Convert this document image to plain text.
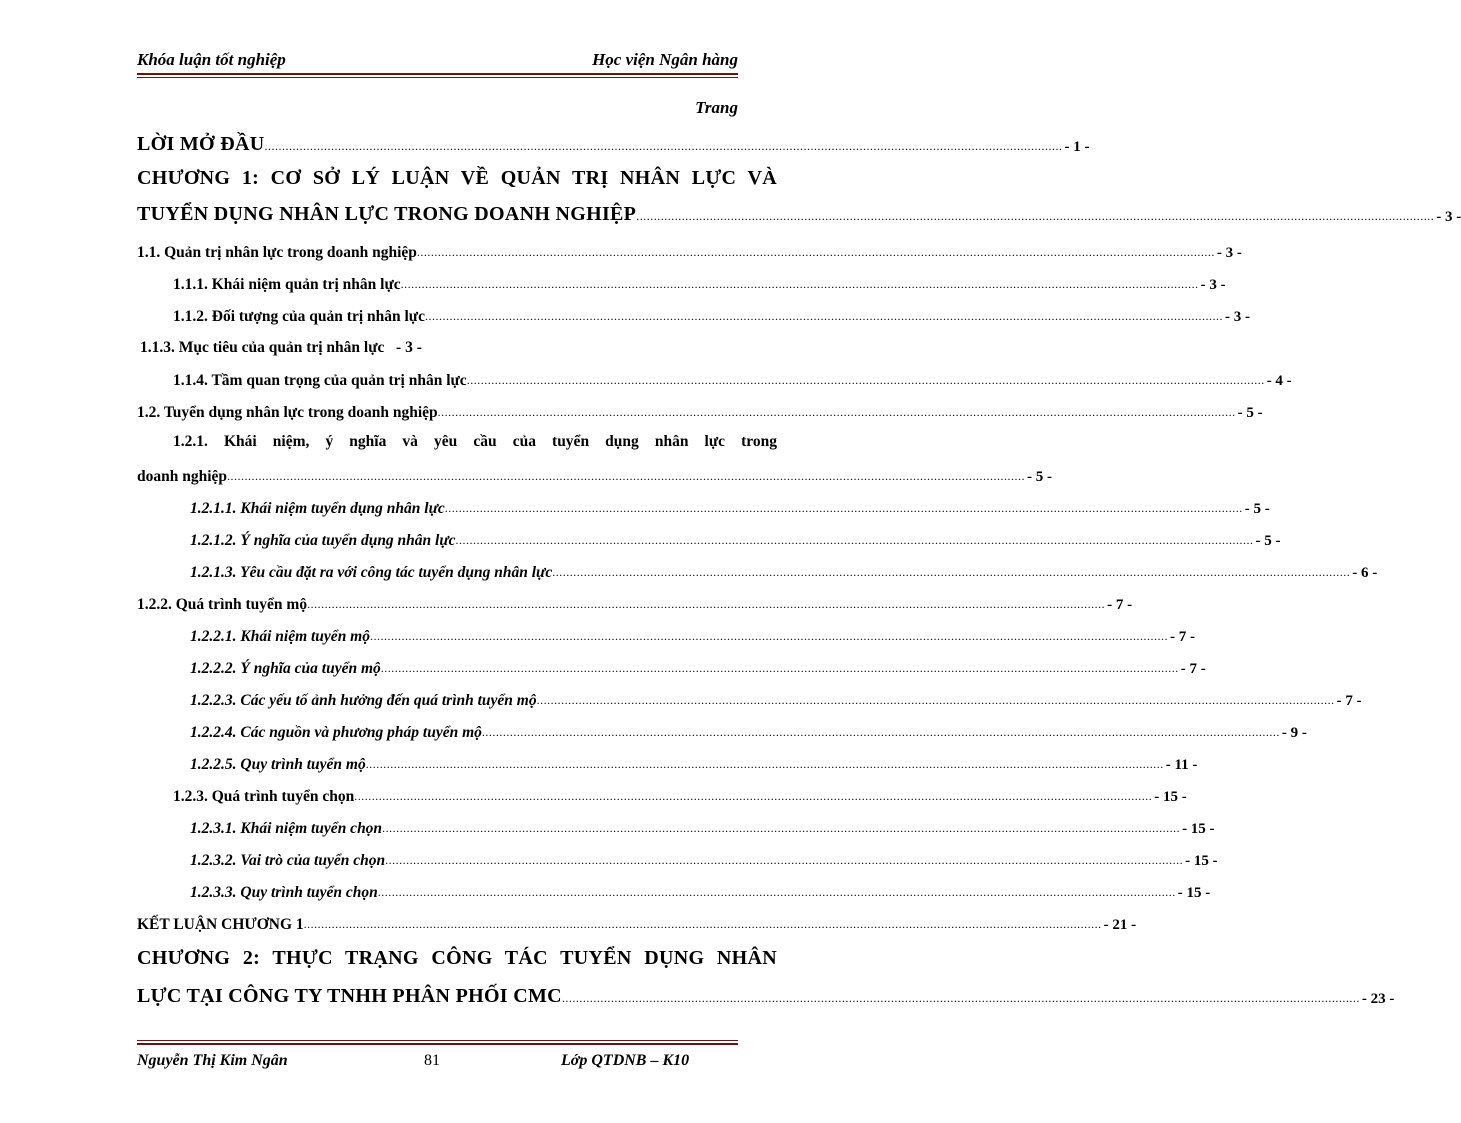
Khóa luận tốt nghiệp	Học viện Ngân hàng
Trang
LỜI MỞ ĐẦU .................................................................................................................................................................................................................................... - 1 -
CHƯƠNG 1: CƠ SỞ LÝ LUẬN VỀ QUẢN TRỊ NHÂN LỰC VÀ
TUYỂN DỤNG NHÂN LỰC TRONG DOANH NGHIỆP .................................................................................................................................................................................................................................... - 3 -
1.1. Quản trị nhân lực trong doanh nghiệp .................................................................................................................................................................................................................................... - 3 -
1.1.1. Khái niệm quản trị nhân lực .................................................................................................................................................................................................................................... - 3 -
1.1.2. Đối tượng của quản trị nhân lực .................................................................................................................................................................................................................................... - 3 -
1.1.3. Mục tiêu của quản trị nhân lực   - 3 -
1.1.4. Tầm quan trọng của quản trị nhân lực .................................................................................................................................................................................................................................... - 4 -
1.2. Tuyển dụng nhân lực trong doanh nghiệp .................................................................................................................................................................................................................................... - 5 -
1.2.1. Khái niệm, ý nghĩa và yêu cầu của tuyển dụng nhân lực trong
doanh nghiệp .................................................................................................................................................................................................................................... - 5 -
1.2.1.1. Khái niệm tuyển dụng nhân lực .................................................................................................................................................................................................................................... - 5 -
1.2.1.2. Ý nghĩa của tuyển dụng nhân lực .................................................................................................................................................................................................................................... - 5 -
1.2.1.3. Yêu cầu đặt ra với công tác tuyển dụng nhân lực .................................................................................................................................................................................................................................... - 6 -
1.2.2. Quá trình tuyển mộ .................................................................................................................................................................................................................................... - 7 -
1.2.2.1. Khái niệm tuyển mộ .................................................................................................................................................................................................................................... - 7 -
1.2.2.2. Ý nghĩa của tuyển mộ .................................................................................................................................................................................................................................... - 7 -
1.2.2.3. Các yếu tố ảnh hưởng đến quá trình tuyển mộ .................................................................................................................................................................................................................................... - 7 -
1.2.2.4. Các nguồn và phương pháp tuyển mộ .................................................................................................................................................................................................................................... - 9 -
1.2.2.5. Quy trình tuyển mộ .................................................................................................................................................................................................................................... - 11 -
1.2.3. Quá trình tuyển chọn .................................................................................................................................................................................................................................... - 15 -
1.2.3.1. Khái niệm tuyển chọn .................................................................................................................................................................................................................................... - 15 -
1.2.3.2. Vai trò của tuyển chọn .................................................................................................................................................................................................................................... - 15 -
1.2.3.3. Quy trình tuyển chọn .................................................................................................................................................................................................................................... - 15 -
KẾT LUẬN CHƯƠNG 1 .................................................................................................................................................................................................................................... - 21 -
CHƯƠNG 2: THỰC TRẠNG CÔNG TÁC TUYỂN DỤNG NHÂN
LỰC TẠI CÔNG TY TNHH PHÂN PHỐI CMC .................................................................................................................................................................................................................................... - 23 -
Nguyễn Thị Kim Ngân	81	Lớp QTDNB – K10
